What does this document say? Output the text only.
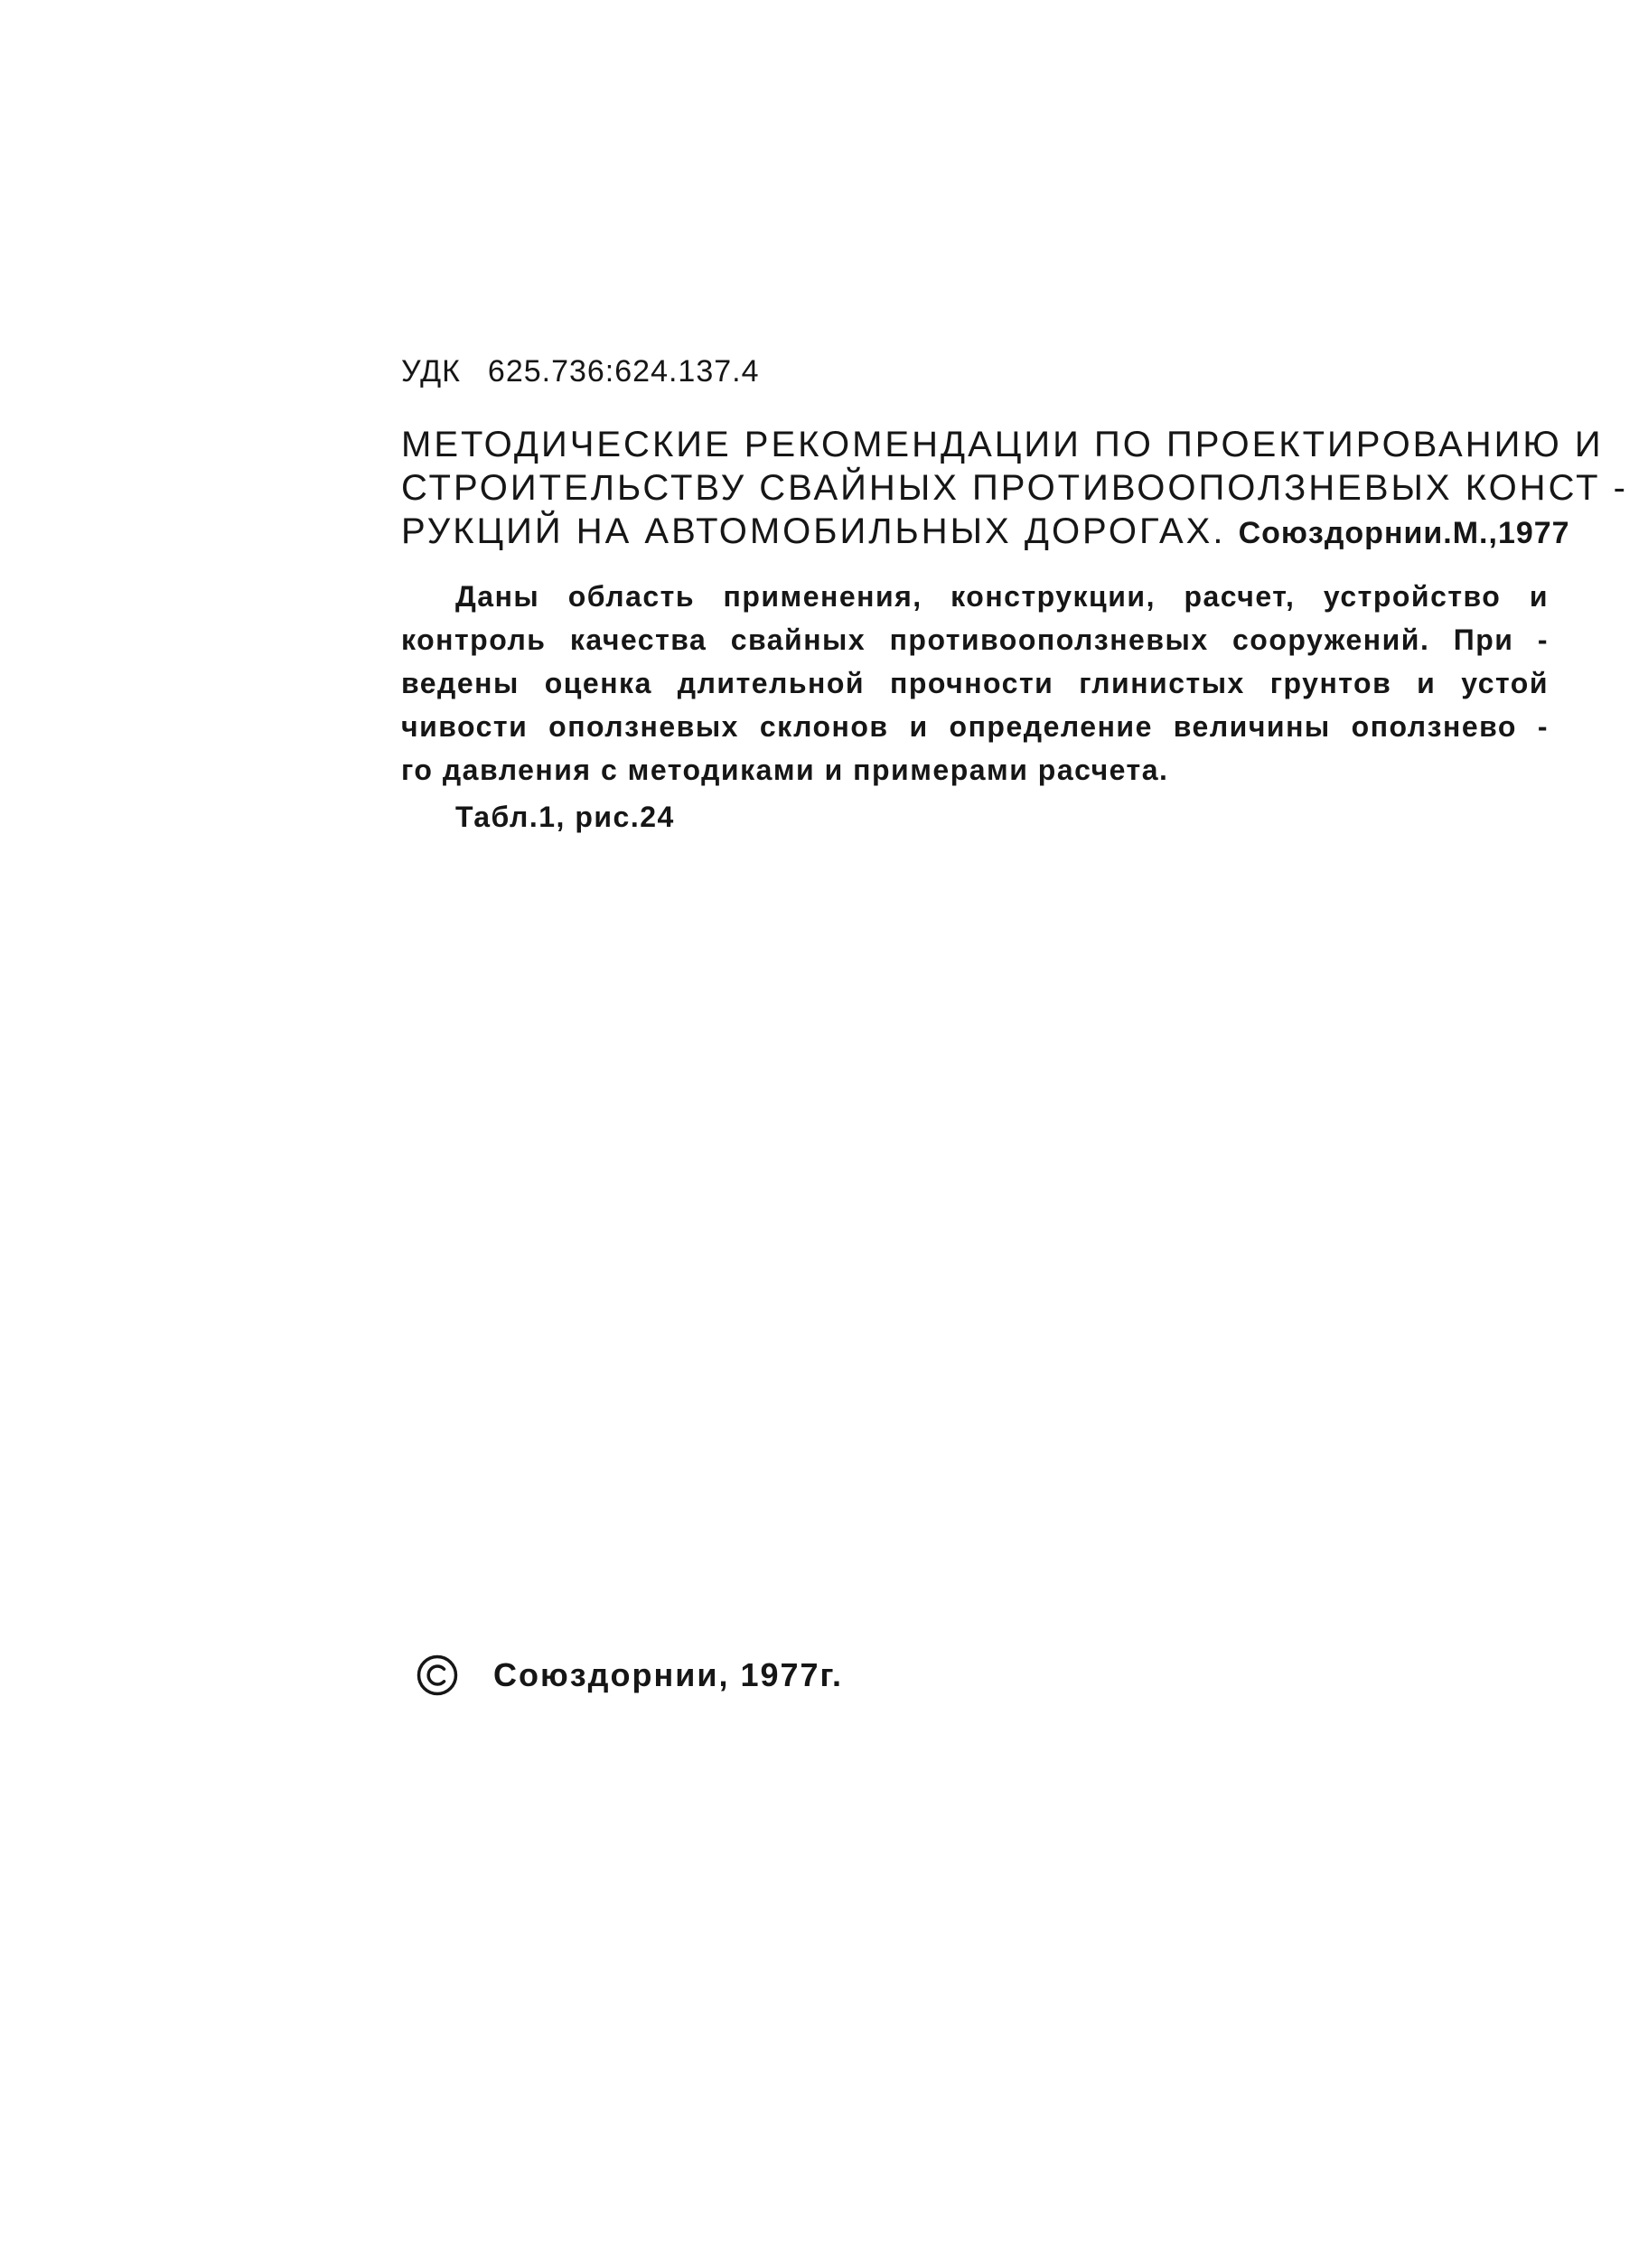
УДК 625.736:624.137.4
МЕТОДИЧЕСКИЕ РЕКОМЕНДАЦИИ ПО ПРОЕКТИРОВАНИЮ И
СТРОИТЕЛЬСТВУ СВАЙНЫХ ПРОТИВООПОЛЗНЕВЫХ КОНСТ -
РУКЦИЙ НА АВТОМОБИЛЬНЫХ ДОРОГАХ. Союздорнии.М.,1977
Даны область применения, конструкции, расчет, устройство и
контроль качества свайных противооползневых сооружений. При -
ведены оценка длительной прочности глинистых грунтов и устой
чивости оползневых склонов и определение величины оползнево -
го давления с методиками и примерами расчета.
Табл.1, рис.24
Союздорнии, 1977г.
